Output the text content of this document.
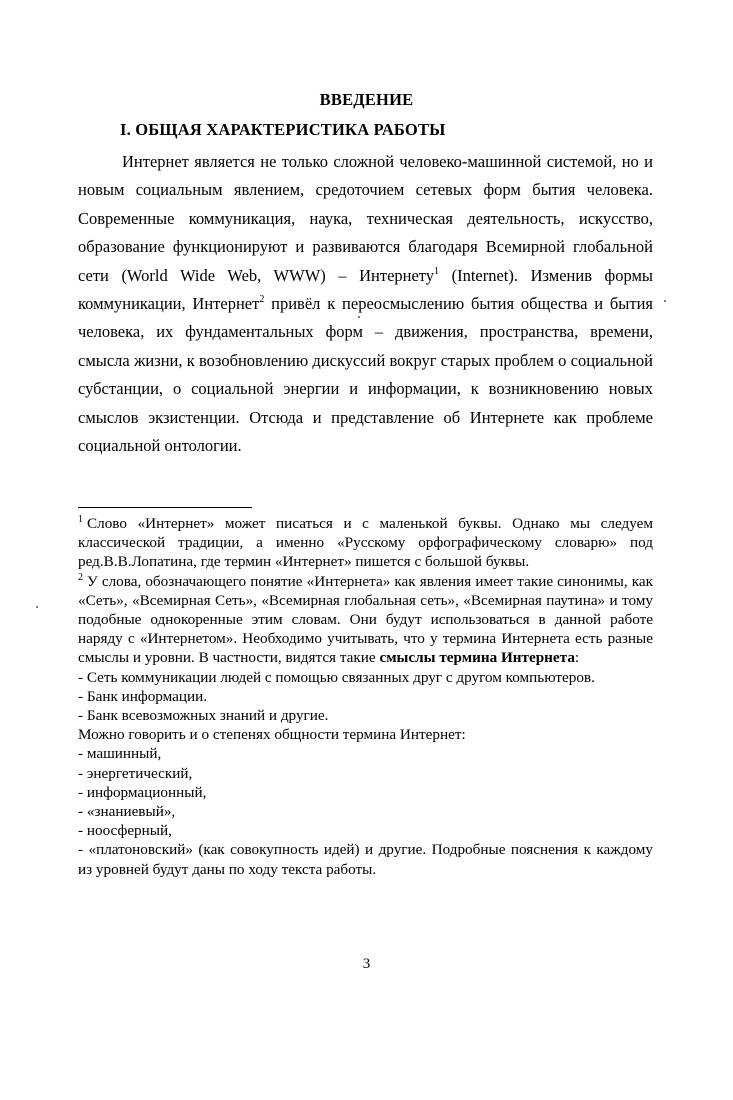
ВВЕДЕНИЕ
I. ОБЩАЯ ХАРАКТЕРИСТИКА РАБОТЫ
Интернет является не только сложной человеко-машинной системой, но и новым социальным явлением, средоточием сетевых форм бытия человека. Современные коммуникация, наука, техническая деятельность, искусство, образование функционируют и развиваются благодаря Всемирной глобальной сети (World Wide Web, WWW) – Интернету$^1$ (Internet). Изменив формы коммуникации, Интернет$^2$ привёл к переосмыслению бытия общества и бытия человека, их фундаментальных форм – движения, пространства, времени, смысла жизни, к возобновлению дискуссий вокруг старых проблем о социальной субстанции, о социальной энергии и информации, к возникновению новых смыслов экзистенции. Отсюда и представление об Интернете как проблеме социальной онтологии.

$^1$ Слово «Интернет» может писаться и с маленькой буквы. Однако мы следуем классической традиции, а именно «Русскому орфографическому словарю» под ред.В.В.Лопатина, где термин «Интернет» пишется с большой буквы.

$^2$ У слова, обозначающего понятие «Интернета» как явления имеет такие синонимы, как «Сеть», «Всемирная Сеть», «Всемирная глобальная сеть», «Всемирная паутина» и тому подобные однокоренные этим словам. Они будут использоваться в данной работе наряду с «Интернетом». Необходимо учитывать, что у термина Интернета есть разные смыслы и уровни. В частности, видятся такие смыслы термина Интернета:

- Сеть коммуникации людей с помощью связанных друг с другом компьютеров.

- Банк информации.

- Банк всевозможных знаний и другие.

Можно говорить и о степенях общности термина Интернет:

- машинный,

- энергетический,

- информационный,

- «знаниевый»,

- ноосферный,

- «платоновский» (как совокупность идей) и другие. Подробные пояснения к каждому из уровней будут даны по ходу текста работы.

3
